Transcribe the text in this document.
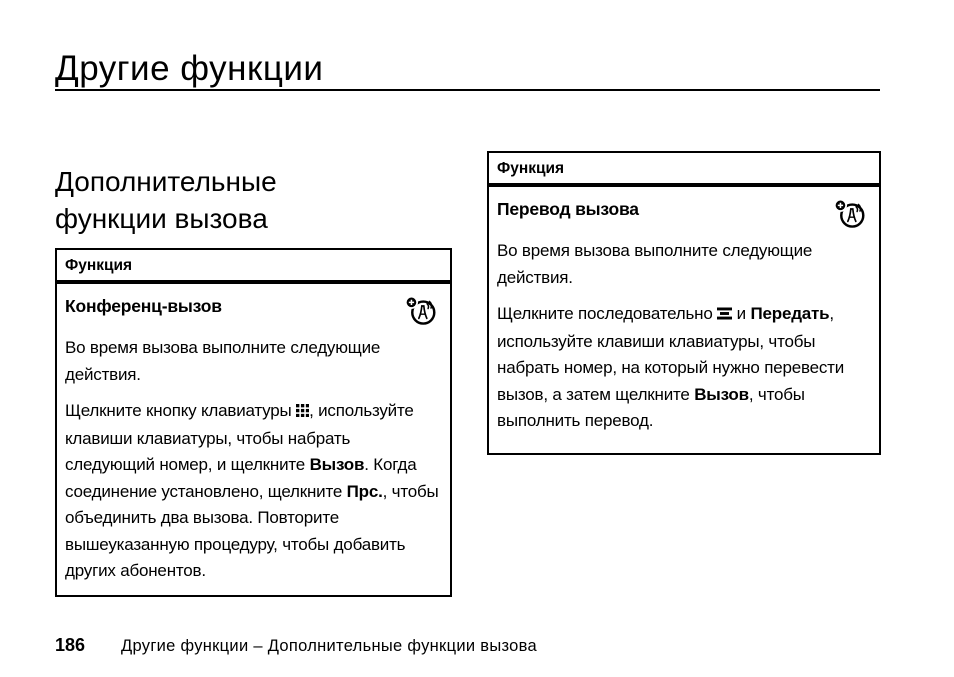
Другие функции
Дополнительные функции вызова
Функция
Конференц-вызов

Во время вызова выполните следующие действия.

Щелкните кнопку клавиатуры , используйте клавиши клавиатуры, чтобы набрать следующий номер, и щелкните Вызов. Когда соединение установлено, щелкните Прс., чтобы объединить два вызова. Повторите вышеуказанную процедуру, чтобы добавить других абонентов.

Функция
Перевод вызова

Во время вызова выполните следующие действия.

Щелкните последовательно  и Передать, используйте клавиши клавиатуры, чтобы набрать номер, на который нужно перевести вызов, а затем щелкните Вызов, чтобы выполнить перевод.

186 Другие функции – Дополнительные функции вызова
